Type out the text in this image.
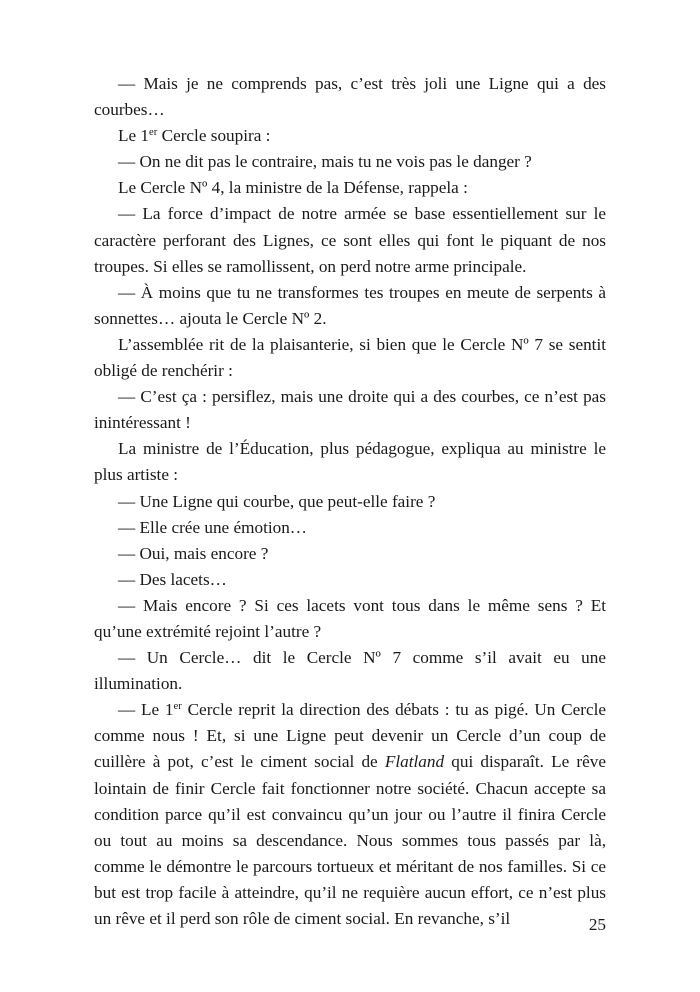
— Mais je ne comprends pas, c’est très joli une Ligne qui a des courbes…

Le 1er Cercle soupira :

— On ne dit pas le contraire, mais tu ne vois pas le danger ?

Le Cercle Nº 4, la ministre de la Défense, rappela :

— La force d’impact de notre armée se base essentiellement sur le caractère perforant des Lignes, ce sont elles qui font le piquant de nos troupes. Si elles se ramollissent, on perd notre arme principale.

— À moins que tu ne transformes tes troupes en meute de serpents à sonnettes… ajouta le Cercle Nº 2.

L’assemblée rit de la plaisanterie, si bien que le Cercle Nº 7 se sentit obligé de renchérir :

— C’est ça : persiflez, mais une droite qui a des courbes, ce n’est pas inintéressant !

La ministre de l’Éducation, plus pédagogue, expliqua au ministre le plus artiste :

— Une Ligne qui courbe, que peut-elle faire ?

— Elle crée une émotion…

— Oui, mais encore ?

— Des lacets…

— Mais encore ? Si ces lacets vont tous dans le même sens ? Et qu’une extrémité rejoint l’autre ?

— Un Cercle… dit le Cercle Nº 7 comme s’il avait eu une illumination.

— Le 1er Cercle reprit la direction des débats : tu as pigé. Un Cercle comme nous ! Et, si une Ligne peut devenir un Cercle d’un coup de cuillère à pot, c’est le ciment social de Flatland qui disparaît. Le rêve lointain de finir Cercle fait fonctionner notre société. Chacun accepte sa condition parce qu’il est convaincu qu’un jour ou l’autre il finira Cercle ou tout au moins sa descendance. Nous sommes tous passés par là, comme le démontre le parcours tortueux et méritant de nos familles. Si ce but est trop facile à atteindre, qu’il ne requière aucun effort, ce n’est plus un rêve et il perd son rôle de ciment social. En revanche, s’il	25
